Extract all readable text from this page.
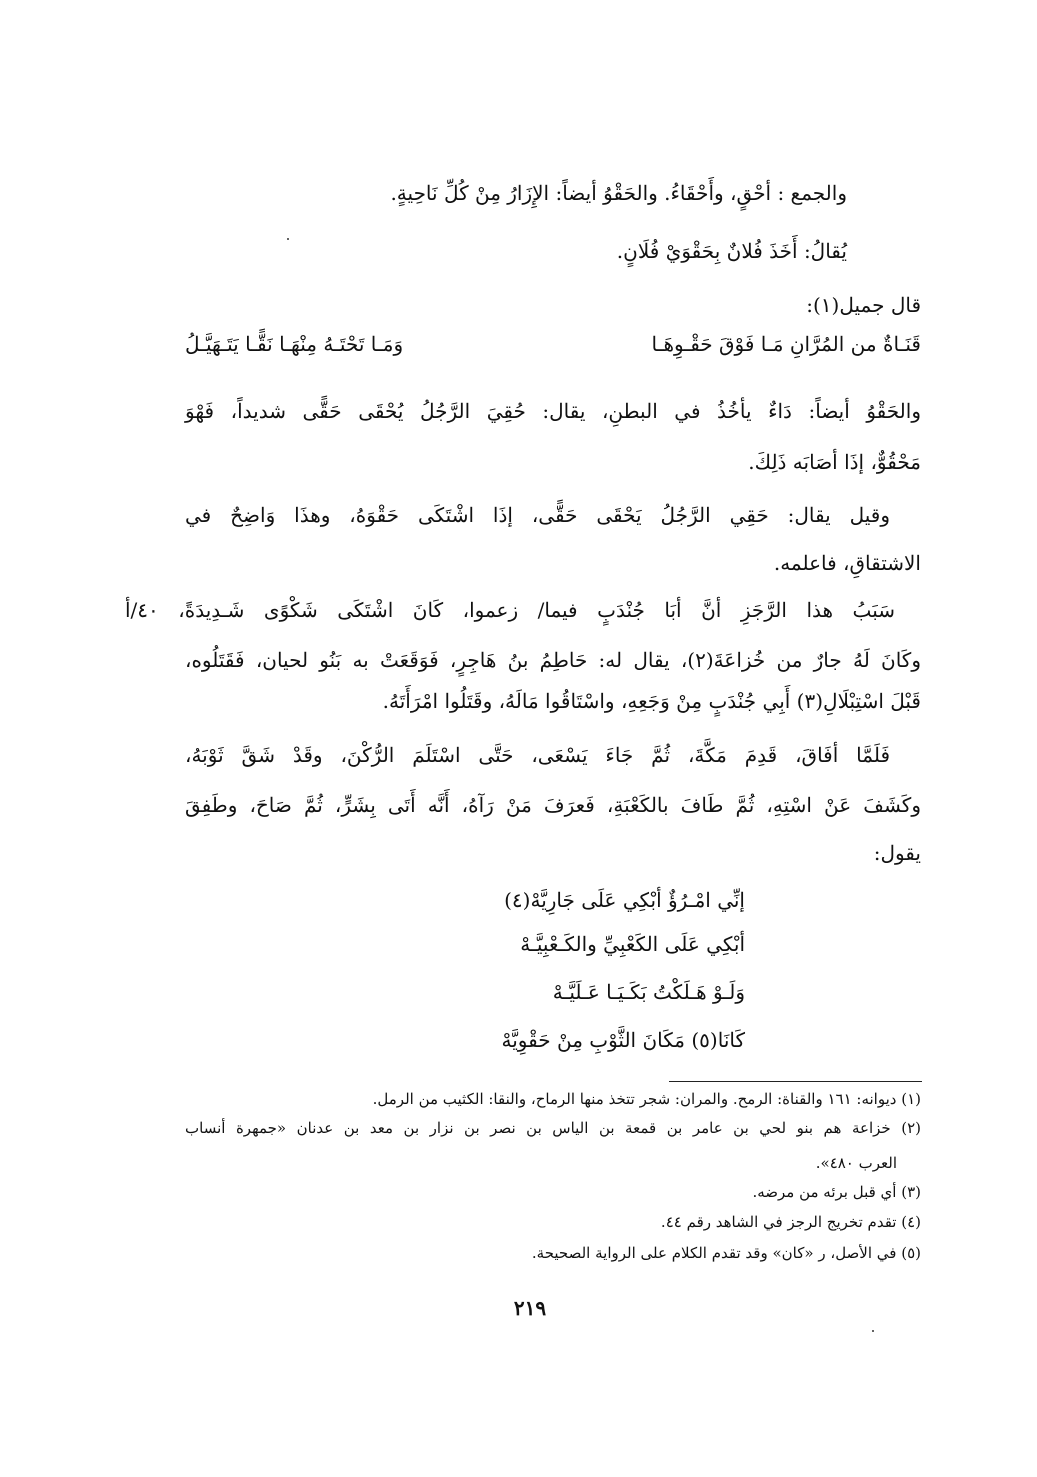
والجمع : أحْقٍ، وأَحْقَاءُ. والحَقْوُ أيضاً: الإِزَارُ مِنْ كُلِّ نَاحِيةٍ.
يُقالُ: أَخَذَ فُلانٌ بِحَقْوَيْ فُلَانٍ.
قال جميل(١):
قَنَـاةٌ من المُرَّانِ مَـا فَوْقَ حَقْـوِهَـا
وَمَـا تَحْتَـهُ مِنْهَـا نَقًّـا يَتَـهَيَّـلُ
والحَقْوُ أيضاً: دَاءٌ يأخُذُ في البطنِ، يقال: حُقِيَ الرَّجُلُ يُحْقَى حَقًّى شديداً، فَهْوَ
مَحْقُوٌّ، إذَا أصَابَه ذَلِكَ.
وقيل يقال: حَقِي الرَّجُلُ يَحْقَى حَقًّى، إذَا اشْتَكَى حَقْوَهُ، وهذَا وَاضِحٌ في
الاشتقاقِ، فاعلمه.
سَبَبُ هذا الرَّجَزِ أنَّ أبَا جُنْدَبٍ فيما/ زعموا، كَانَ اشْتَكَى شَكْوًى شَـدِيدَةً، ٤٠/أ
وكَانَ لَهُ جارٌ من خُزاعَةَ(٢)، يقال له: حَاطِمُ بنُ هَاجِرٍ، فَوَقَعَتْ به بَنُو لحيان، فَقَتَلُوه،
قَبْلَ اسْتِبْلَالِ(٣) أَبِي جُنْدَبٍ مِنْ وَجَعِهِ، واسْتَاقُوا مَالَهُ، وقَتَلُوا امْرَأَتَهُ.
فَلَمَّا أفَاقَ، قَدِمَ مَكَّةَ، ثُمَّ جَاءَ يَسْعَى، حَتَّى اسْتَلَمَ الرُّكْنَ، وقَدْ شَقَّ ثَوْبَهُ،
وكَشَفَ عَنْ اسْتِهِ، ثُمَّ طَافَ بالكَعْبَةِ، فَعرَفَ مَنْ رَآهُ، أَنَّه أَتَى بِشَرٍّ، ثُمَّ صَاحَ، وطَفِقَ
يقول:
إنِّي امْـرُؤٌ أبْكِي عَلَى جَارِيَّهْ(٤)
أبْكِي عَلَى الكَعْبِيِّ والكَـعْبِيَّـهْ
وَلَـوْ هَـلَكْتُ بَكَـيَـا عَـلَيَّـهْ
كَانَا(٥) مَكَانَ الثَّوْبِ مِنْ حَقْوِيَّهْ
(١) ديوانه: ١٦١ والقناة: الرمح. والمران: شجر تتخذ منها الرماح، والنقا: الكثيب من الرمل.
(٢) خزاعة هم بنو لحي بن عامر بن قمعة بن الياس بن نصر بن نزار بن معد بن عدنان «جمهرة أنساب
العرب ٤٨٠».
(٣) أي قبل برئه من مرضه.
(٤) تقدم تخريج الرجز في الشاهد رقم ٤٤.
(٥) في الأصل، ر «كان» وقد تقدم الكلام على الرواية الصحيحة.
٢١٩
